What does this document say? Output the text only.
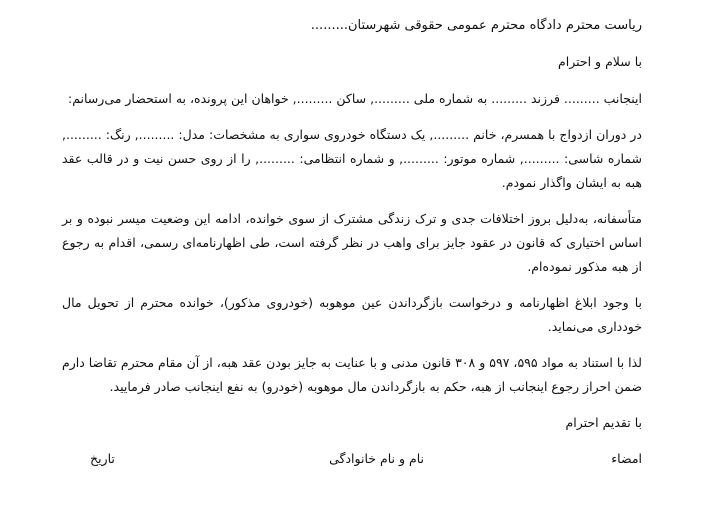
ریاست محترم دادگاه محترم عمومی حقوقی شهرستان.........

با سلام و احترام

اینجانب ......... فرزند ......... به شماره ملی ........., ساکن ........., خواهان این پرونده، به استحضار می‌رسانم:

در دوران ازدواج با همسرم، خانم ........., یک دستگاه خودروی سواری به مشخصات: مدل: ........., رنگ: ........., شماره شاسی: ........., شماره موتور: ........., و شماره انتظامی: ........., را از روی حسن نیت و در قالب عقد هبه به ایشان واگذار نمودم.

متأسفانه، به‌دلیل بروز اختلافات جدی و ترک زندگی مشترک از سوی خوانده، ادامه این وضعیت میسر نبوده و بر اساس اختیاری که قانون در عقود جایز برای واهب در نظر گرفته است، طی اظهارنامه‌ای رسمی، اقدام به رجوع از هبه مذکور نموده‌ام.

با وجود ابلاغ اظهارنامه و درخواست بازگرداندن عین موهوبه (خودروی مذکور)، خوانده محترم از تحویل مال خودداری می‌نماید.

لذا با استناد به مواد ۵۹۵، ۵۹۷ و ۳۰۸ قانون مدنی و با عنایت به جایز بودن عقد هبه، از آن مقام محترم تقاضا دارم ضمن احراز رجوع اینجانب از هبه، حکم به بازگرداندن مال موهوبه (خودرو) به نفع اینجانب صادر فرمایید.

با تقدیم احترام

امضاء
نام و نام خانوادگی
تاریخ
